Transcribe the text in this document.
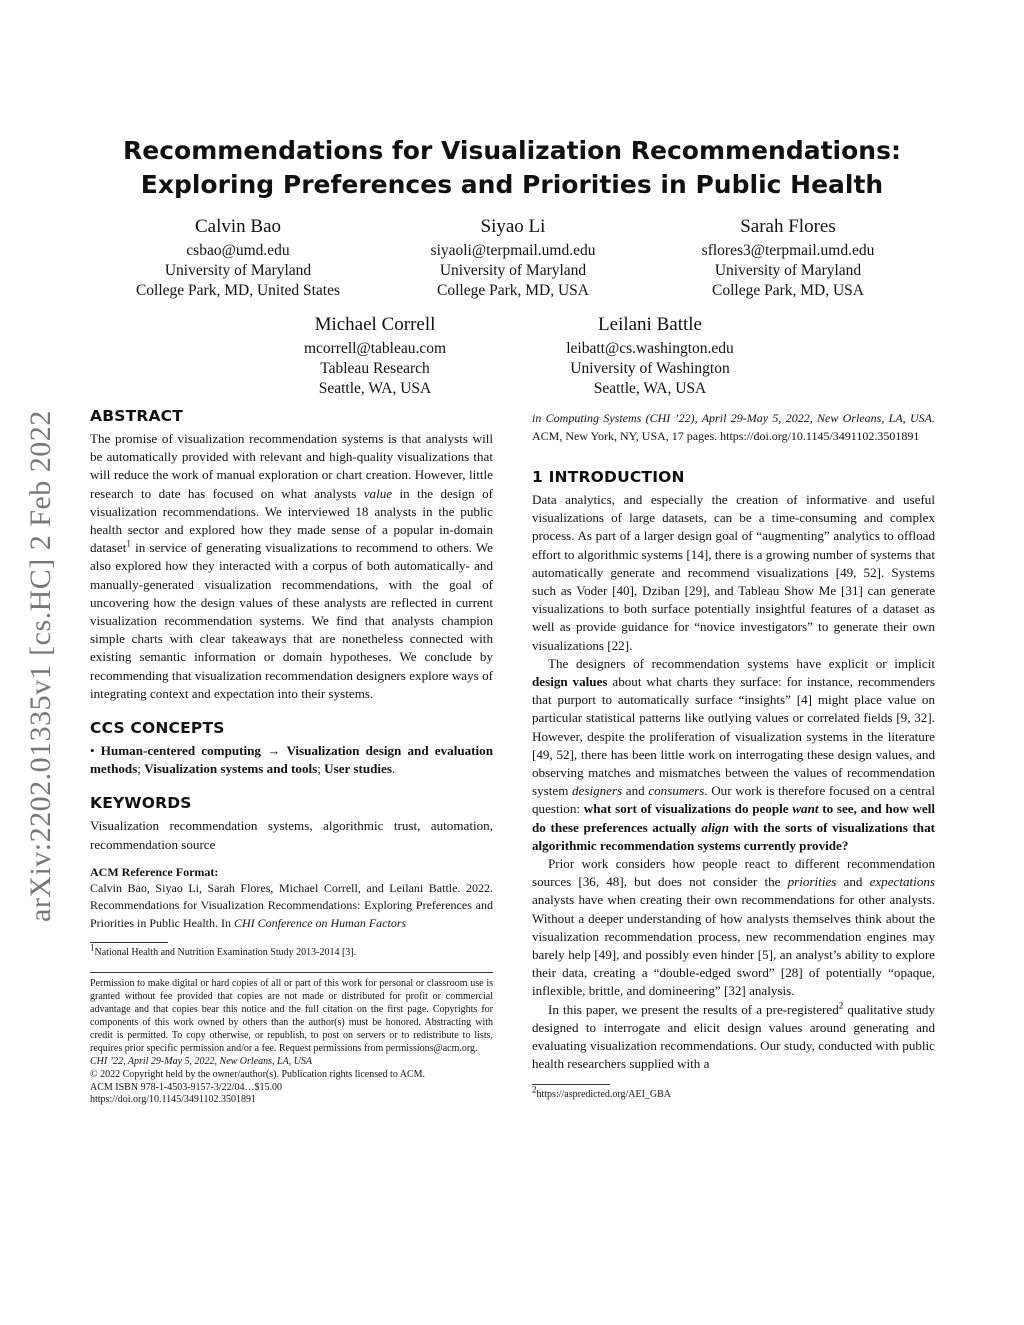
arXiv:2202.01335v1 [cs.HC] 2 Feb 2022
Recommendations for Visualization Recommendations:
Exploring Preferences and Priorities in Public Health
Calvin Bao
csbao@umd.edu
University of Maryland
College Park, MD, United States
Siyao Li
siyaoli@terpmail.umd.edu
University of Maryland
College Park, MD, USA
Sarah Flores
sflores3@terpmail.umd.edu
University of Maryland
College Park, MD, USA
Michael Correll
mcorrell@tableau.com
Tableau Research
Seattle, WA, USA
Leilani Battle
leibatt@cs.washington.edu
University of Washington
Seattle, WA, USA
ABSTRACT

The promise of visualization recommendation systems is that analysts will be automatically provided with relevant and high-quality visualizations that will reduce the work of manual exploration or chart creation. However, little research to date has focused on what analysts value in the design of visualization recommendations. We interviewed 18 analysts in the public health sector and explored how they made sense of a popular in-domain dataset$^1$ in service of generating visualizations to recommend to others. We also explored how they interacted with a corpus of both automatically- and manually-generated visualization recommendations, with the goal of uncovering how the design values of these analysts are reflected in current visualization recommendation systems. We find that analysts champion simple charts with clear takeaways that are nonetheless connected with existing semantic information or domain hypotheses. We conclude by recommending that visualization recommendation designers explore ways of integrating context and expectation into their systems.

CCS CONCEPTS

• Human-centered computing → Visualization design and evaluation methods; Visualization systems and tools; User studies.

KEYWORDS

Visualization recommendation systems, algorithmic trust, automation, recommendation source

ACM Reference Format:

Calvin Bao, Siyao Li, Sarah Flores, Michael Correll, and Leilani Battle. 2022. Recommendations for Visualization Recommendations: Exploring Preferences and Priorities in Public Health. In CHI Conference on Human Factors

1National Health and Nutrition Examination Study 2013-2014 [3].

Permission to make digital or hard copies of all or part of this work for personal or classroom use is granted without fee provided that copies are not made or distributed for profit or commercial advantage and that copies bear this notice and the full citation on the first page. Copyrights for components of this work owned by others than the author(s) must be honored. Abstracting with credit is permitted. To copy otherwise, or republish, to post on servers or to redistribute to lists, requires prior specific permission and/or a fee. Request permissions from permissions@acm.org.

CHI ’22, April 29-May 5, 2022, New Orleans, LA, USA

© 2022 Copyright held by the owner/author(s). Publication rights licensed to ACM.

ACM ISBN 978-1-4503-9157-3/22/04…$15.00

https://doi.org/10.1145/3491102.3501891

in Computing Systems (CHI ’22), April 29-May 5, 2022, New Orleans, LA, USA. ACM, New York, NY, USA, 17 pages. https://doi.org/10.1145/3491102.3501891

1 INTRODUCTION

Data analytics, and especially the creation of informative and useful visualizations of large datasets, can be a time-consuming and complex process. As part of a larger design goal of “augmenting” analytics to offload effort to algorithmic systems [14], there is a growing number of systems that automatically generate and recommend visualizations [49, 52]. Systems such as Voder [40], Dziban [29], and Tableau Show Me [31] can generate visualizations to both surface potentially insightful features of a dataset as well as provide guidance for “novice investigators” to generate their own visualizations [22].

The designers of recommendation systems have explicit or implicit design values about what charts they surface: for instance, recommenders that purport to automatically surface “insights” [4] might place value on particular statistical patterns like outlying values or correlated fields [9, 32]. However, despite the proliferation of visualization systems in the literature [49, 52], there has been little work on interrogating these design values, and observing matches and mismatches between the values of recommendation system designers and consumers. Our work is therefore focused on a central question: what sort of visualizations do people want to see, and how well do these preferences actually align with the sorts of visualizations that algorithmic recommendation systems currently provide?

Prior work considers how people react to different recommendation sources [36, 48], but does not consider the priorities and expectations analysts have when creating their own recommendations for other analysts. Without a deeper understanding of how analysts themselves think about the visualization recommendation process, new recommendation engines may barely help [49], and possibly even hinder [5], an analyst’s ability to explore their data, creating a “double-edged sword” [28] of potentially “opaque, inflexible, brittle, and domineering” [32] analysis.

In this paper, we present the results of a pre-registered$^2$ qualitative study designed to interrogate and elicit design values around generating and evaluating visualization recommendations. Our study, conducted with public health researchers supplied with a

2https://aspredicted.org/AEI_GBA
